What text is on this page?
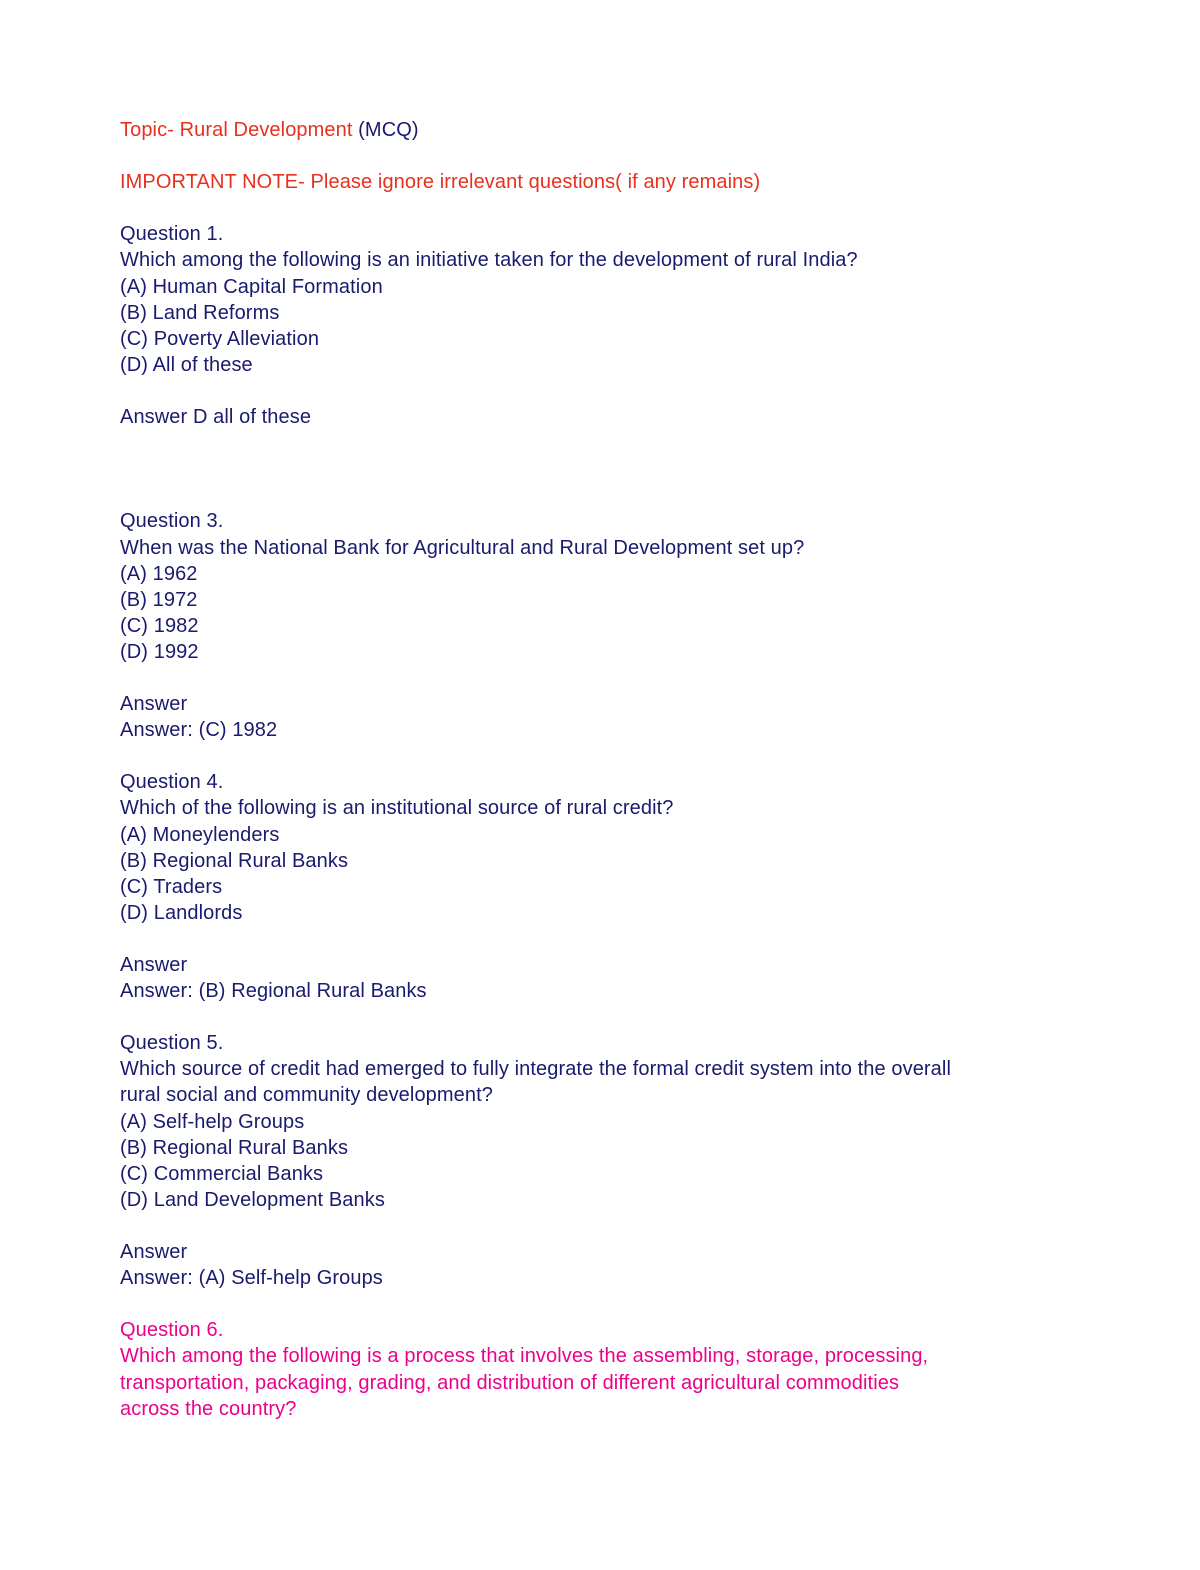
Topic- Rural Development (MCQ)
IMPORTANT NOTE- Please ignore irrelevant questions( if any remains)
Question 1.
Which among the following is an initiative taken for the development of rural India?
(A) Human Capital Formation
(B) Land Reforms
(C) Poverty Alleviation
(D) All of these
Answer D all of these
Question 3.
When was the National Bank for Agricultural and Rural Development set up?
(A) 1962
(B) 1972
(C) 1982
(D) 1992
Answer
Answer: (C) 1982
Question 4.
Which of the following is an institutional source of rural credit?
(A) Moneylenders
(B) Regional Rural Banks
(C) Traders
(D) Landlords
Answer
Answer: (B) Regional Rural Banks
Question 5.
Which source of credit had emerged to fully integrate the formal credit system into the overall
rural social and community development?
(A) Self-help Groups
(B) Regional Rural Banks
(C) Commercial Banks
(D) Land Development Banks
Answer
Answer: (A) Self-help Groups
Question 6.
Which among the following is a process that involves the assembling, storage, processing,
transportation, packaging, grading, and distribution of different agricultural commodities
across the country?
